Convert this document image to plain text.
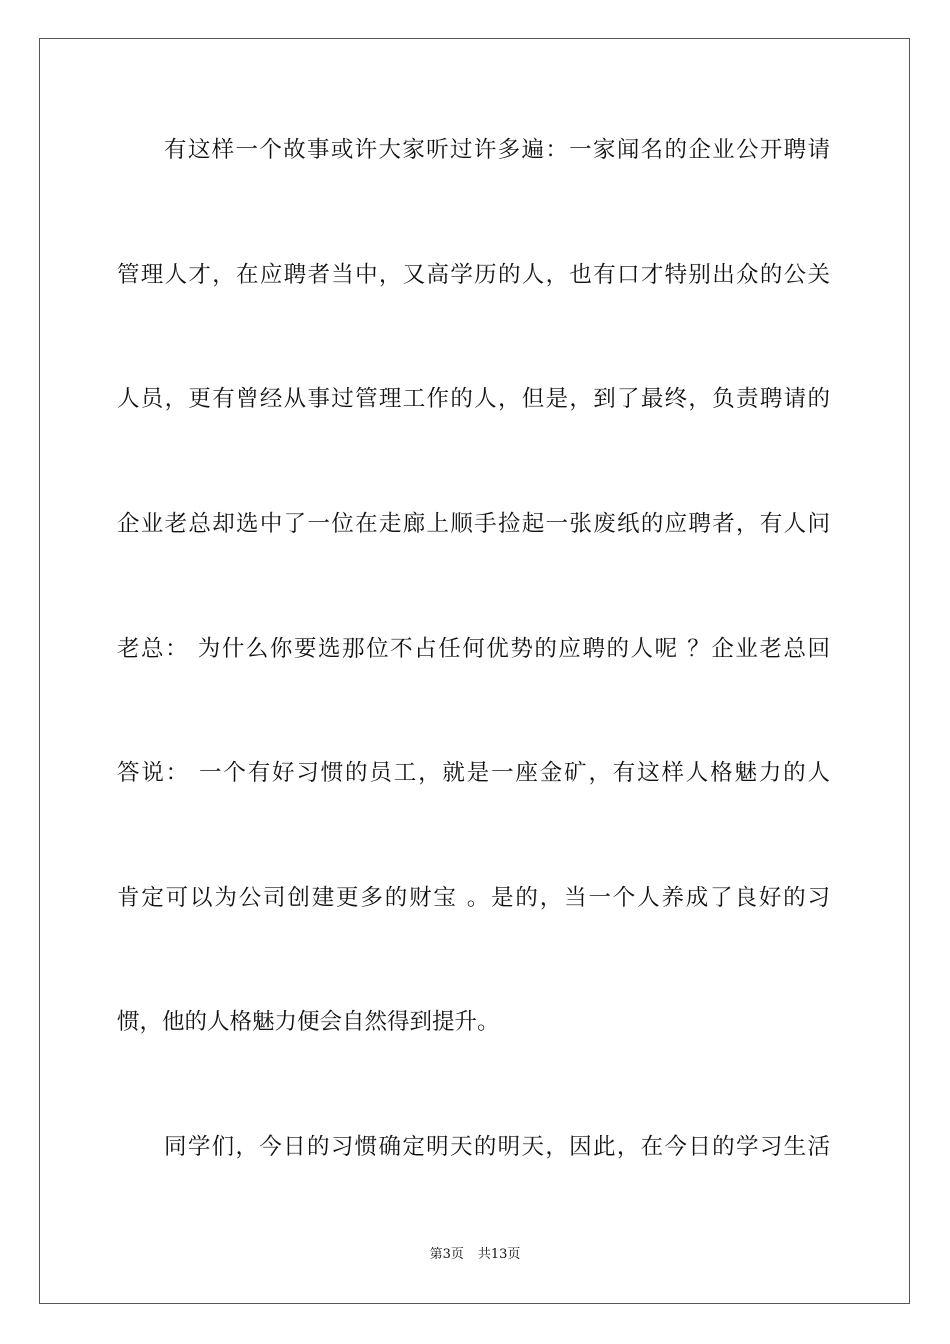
有这样一个故事或许大家听过许多遍：一家闻名的企业公开聘请
管理人才，在应聘者当中，又高学历的人，也有口才特别出众的公关
人员，更有曾经从事过管理工作的人，但是，到了最终，负责聘请的
企业老总却选中了一位在走廊上顺手捡起一张废纸的应聘者，有人问
老总： 为什么你要选那位不占任何优势的应聘的人呢 ？企业老总回
答说： 一个有好习惯的员工，就是一座金矿，有这样人格魅力的人
肯定可以为公司创建更多的财宝 。是的，当一个人养成了良好的习
惯，他的人格魅力便会自然得到提升。
同学们，今日的习惯确定明天的明天，因此，在今日的学习生活
第3页 共13页
